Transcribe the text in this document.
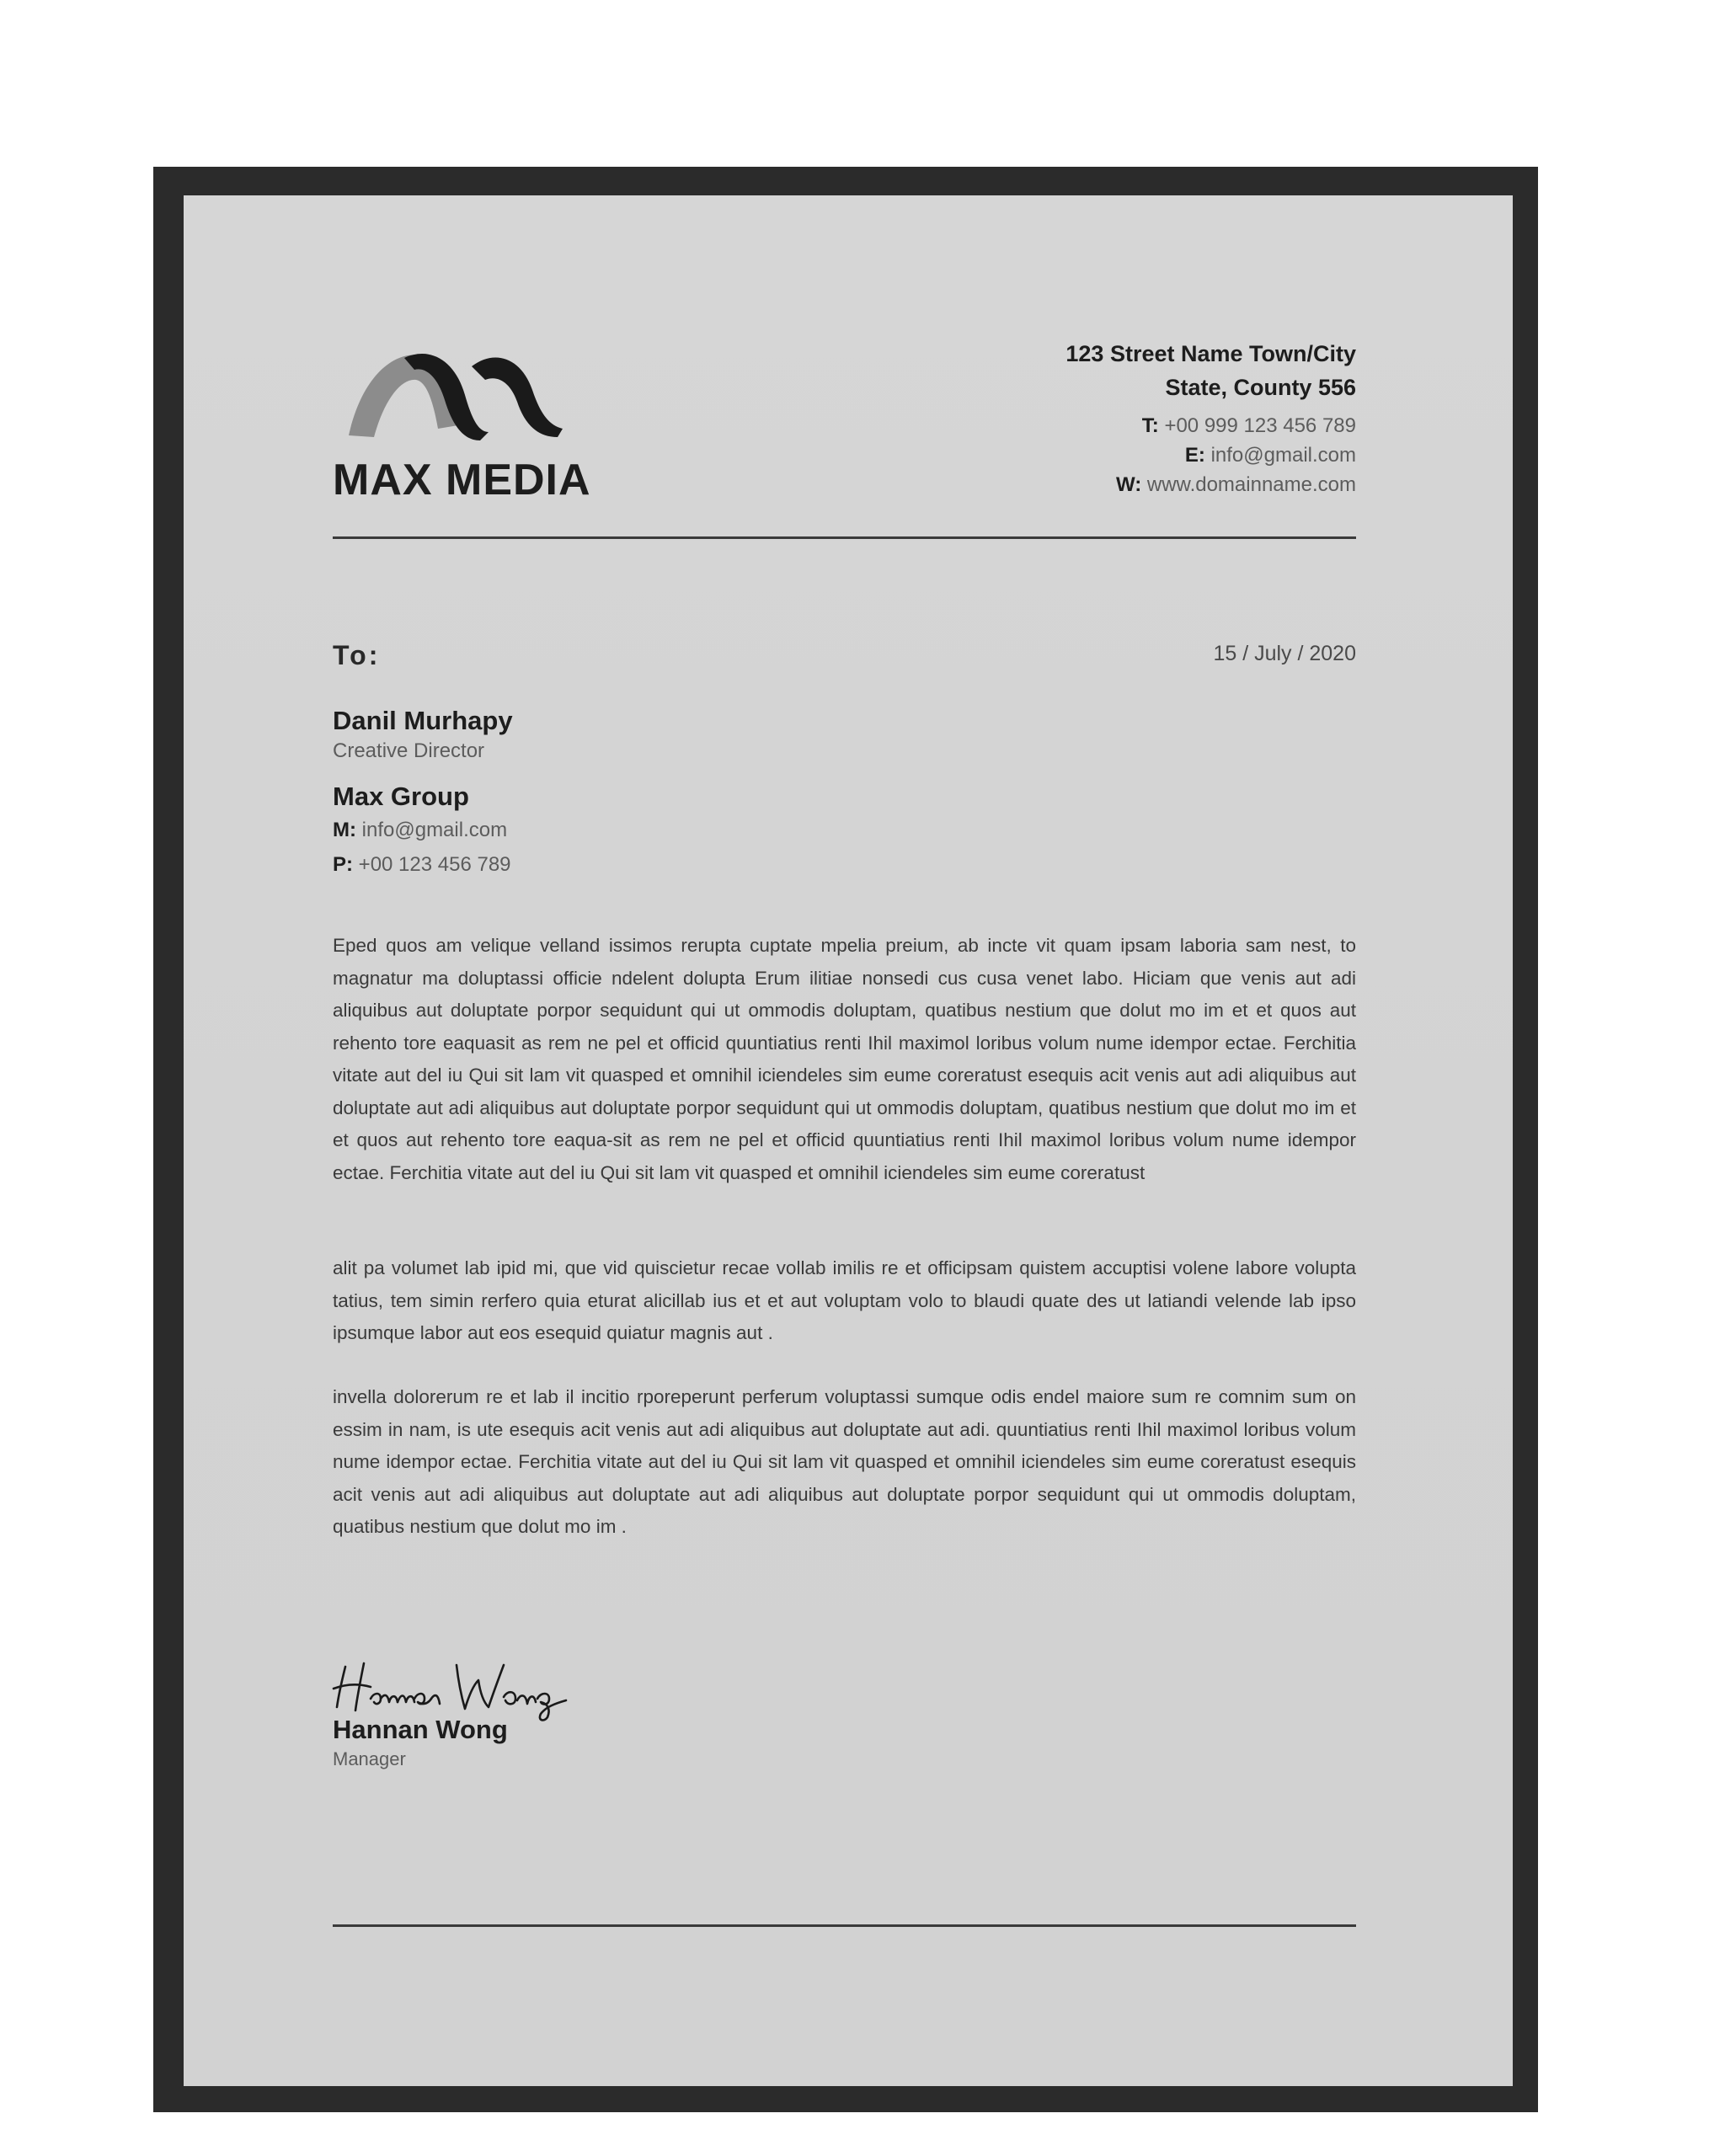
MAX MEDIA
123 Street Name Town/City
State, County 556
T: +00 999 123 456 789
E: info@gmail.com
W: www.domainname.com
To:	15 / July / 2020
Danil Murhapy
Creative Director
Max Group
M: info@gmail.com
P: +00 123 456 789

Eped quos am velique velland issimos rerupta cuptate mpelia preium, ab incte vit quam ipsam laboria sam nest, to magnatur ma doluptassi officie ndelent dolupta Erum ilitiae nonsedi cus cusa venet labo. Hiciam que venis aut adi aliquibus aut doluptate porpor sequidunt qui ut ommodis doluptam, quatibus nestium que dolut mo im et et quos aut rehento tore eaquasit as rem ne pel et officid quuntiatius renti Ihil maximol loribus volum nume idempor ectae. Ferchitia vitate aut del iu Qui sit lam vit quasped et omnihil iciendeles sim eume coreratust esequis acit venis aut adi aliquibus aut doluptate aut adi aliquibus aut doluptate porpor sequidunt qui ut ommodis doluptam, quatibus nestium que dolut mo im et et quos aut rehento tore eaqua-sit as rem ne pel et officid quuntiatius renti Ihil maximol loribus volum nume idempor ectae. Ferchitia vitate aut del iu Qui sit lam vit quasped et omnihil iciendeles sim eume coreratust

alit pa volumet lab ipid mi, que vid quiscietur recae vollab imilis re et officipsam quistem accuptisi volene labore volupta tatius, tem simin rerfero quia eturat alicillab ius et et aut voluptam volo to blaudi quate des ut latiandi velende lab ipso ipsumque labor aut eos esequid quiatur magnis aut .

invella dolorerum re et lab il incitio rporeperunt perferum voluptassi sumque odis endel maiore sum re comnim sum on essim in nam, is ute esequis acit venis aut adi aliquibus aut doluptate aut adi. quuntiatius renti Ihil maximol loribus volum nume idempor ectae. Ferchitia vitate aut del iu Qui sit lam vit quasped et omnihil iciendeles sim eume coreratust esequis acit venis aut adi aliquibus aut doluptate aut adi aliquibus aut doluptate porpor sequidunt qui ut ommodis doluptam, quatibus nestium que dolut mo im .

Hannan Wong
Manager
